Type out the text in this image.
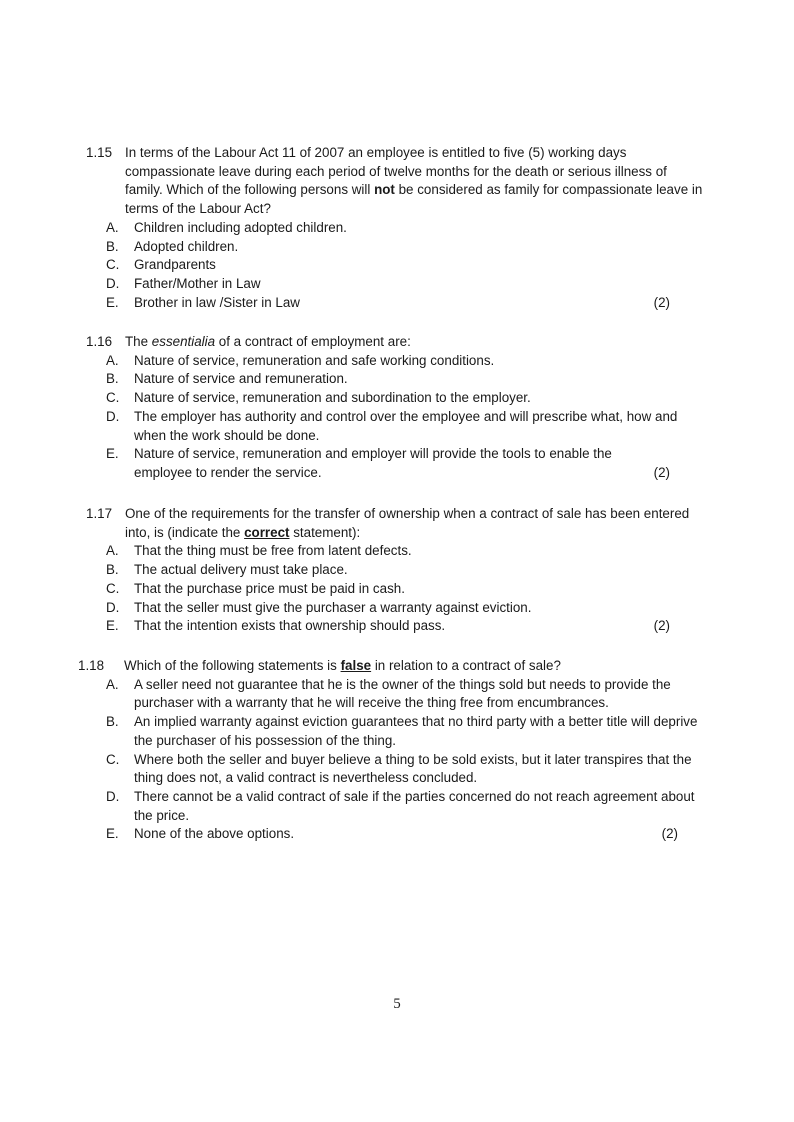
1.15 In terms of the Labour Act 11 of 2007 an employee is entitled to five (5) working days compassionate leave during each period of twelve months for the death or serious illness of family. Which of the following persons will not be considered as family for compassionate leave in terms of the Labour Act?
A. Children including adopted children.
B. Adopted children.
C. Grandparents
D. Father/Mother in Law
E. Brother in law /Sister in Law	(2)
1.16 The essentialia of a contract of employment are:
A. Nature of service, remuneration and safe working conditions.
B. Nature of service and remuneration.
C. Nature of service, remuneration and subordination to the employer.
D. The employer has authority and control over the employee and will prescribe what, how and when the work should be done.
E. Nature of service, remuneration and employer will provide the tools to enable the employee to render the service.	(2)
1.17 One of the requirements for the transfer of ownership when a contract of sale has been entered into, is (indicate the correct statement):
A. That the thing must be free from latent defects.
B. The actual delivery must take place.
C. That the purchase price must be paid in cash.
D. That the seller must give the purchaser a warranty against eviction.
E. That the intention exists that ownership should pass.	(2)
1.18 Which of the following statements is false in relation to a contract of sale?
A. A seller need not guarantee that he is the owner of the things sold but needs to provide the purchaser with a warranty that he will receive the thing free from encumbrances.
B. An implied warranty against eviction guarantees that no third party with a better title will deprive the purchaser of his possession of the thing.
C. Where both the seller and buyer believe a thing to be sold exists, but it later transpires that the thing does not, a valid contract is nevertheless concluded.
D. There cannot be a valid contract of sale if the parties concerned do not reach agreement about the price.
E. None of the above options.	(2)
5
